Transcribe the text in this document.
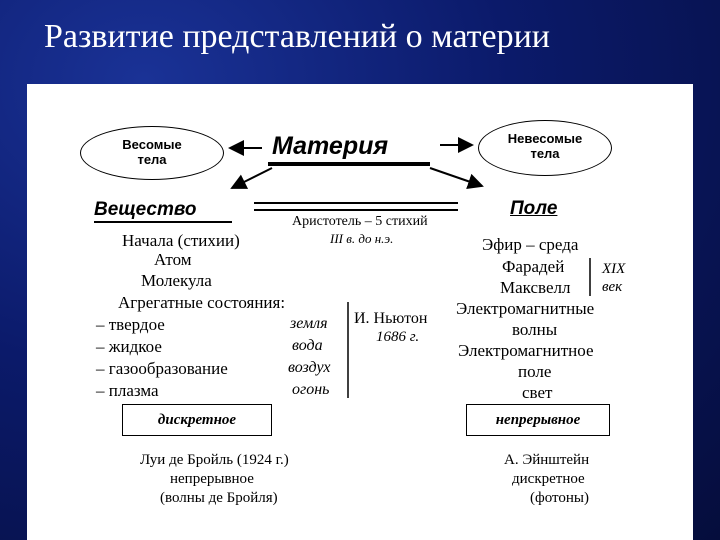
Развитие представлений о материи
Весомые
тела
Невесомые
тела
Материя
Вещество	Поле
Аристотель – 5 стихий
III в. до н.э.
Начала (стихии)
Атом
Молекула
Агрегатные состояния:
– твердое	земля
– жидкое	вода
– газообразование	воздух
– плазма	огонь
И. Ньютон
1686 г.
Эфир – среда
Фарадей
Максвелл
Электромагнитные
волны
Электромагнитное
поле
свет
XIX
век
дискретное	непрерывное
Луи де Бройль (1924 г.)
непрерывное
(волны де Бройля)
А. Эйнштейн
дискретное
(фотоны)
